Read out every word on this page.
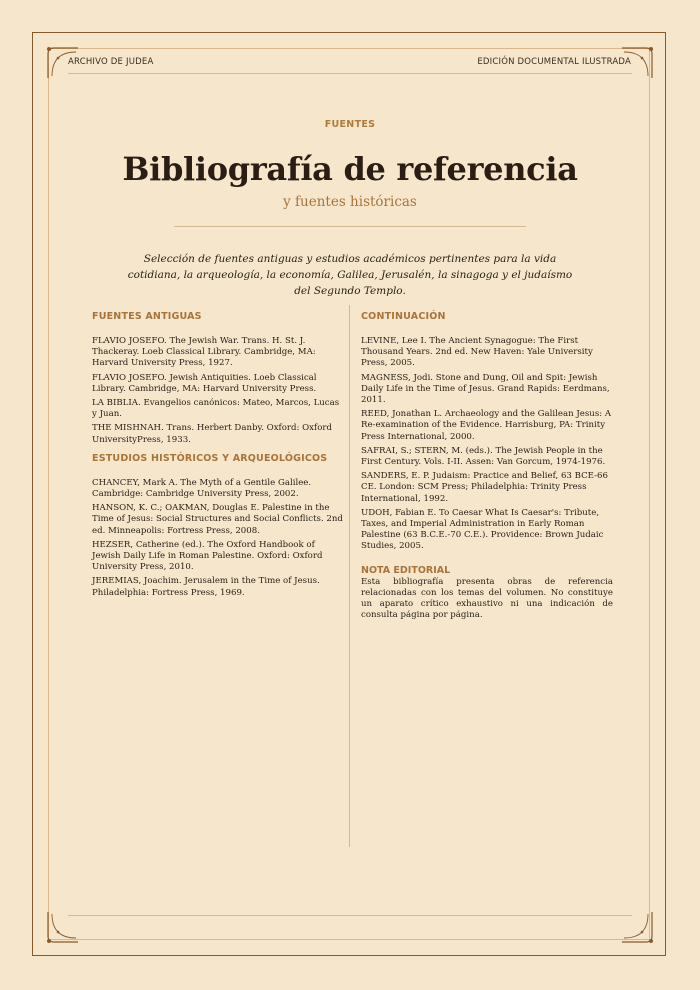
ARCHIVO DE JUDEA	EDICIÓN DOCUMENTAL ILUSTRADA
FUENTES
Bibliografía de referencia
y fuentes históricas
Selección de fuentes antiguas y estudios académicos pertinentes para la vida cotidiana, la arqueología, la economía, Galilea, Jerusalén, la sinagoga y el judaísmo del Segundo Templo.
FUENTES ANTIGUAS

FLAVIO JOSEFO. The Jewish War. Trans. H. St. J. Thackeray. Loeb Classical Library. Cambridge, MA: Harvard University Press, 1927.

FLAVIO JOSEFO. Jewish Antiquities. Loeb Classical Library. Cambridge, MA: Harvard University Press.

LA BIBLIA. Evangelios canónicos: Mateo, Marcos, Lucas y Juan.

THE MISHNAH. Trans. Herbert Danby. Oxford: Oxford UniversityPress, 1933.

ESTUDIOS HISTÓRICOS Y ARQUEOLÓGICOS

CHANCEY, Mark A. The Myth of a Gentile Galilee. Cambridge: Cambridge University Press, 2002.

HANSON, K. C.; OAKMAN, Douglas E. Palestine in the Time of Jesus: Social Structures and Social Conflicts. 2nd ed. Minneapolis: Fortress Press, 2008.

HEZSER, Catherine (ed.). The Oxford Handbook of Jewish Daily Life in Roman Palestine. Oxford: Oxford University Press, 2010.

JEREMIAS, Joachim. Jerusalem in the Time of Jesus. Philadelphia: Fortress Press, 1969.

CONTINUACIÓN

LEVINE, Lee I. The Ancient Synagogue: The First Thousand Years. 2nd ed. New Haven: Yale University Press, 2005.

MAGNESS, Jodi. Stone and Dung, Oil and Spit: Jewish Daily Life in the Time of Jesus. Grand Rapids: Eerdmans, 2011.

REED, Jonathan L. Archaeology and the Galilean Jesus: A Re-examination of the Evidence. Harrisburg, PA: Trinity Press International, 2000.

SAFRAI, S.; STERN, M. (eds.). The Jewish People in the First Century. Vols. I-II. Assen: Van Gorcum, 1974-1976.

SANDERS, E. P. Judaism: Practice and Belief, 63 BCE-66 CE. London: SCM Press; Philadelphia: Trinity Press International, 1992.

UDOH, Fabian E. To Caesar What Is Caesar's: Tribute, Taxes, and Imperial Administration in Early Roman Palestine (63 B.C.E.-70 C.E.). Providence: Brown Judaic Studies, 2005.

NOTA EDITORIAL

Esta bibliografía presenta obras de referencia relacionadas con los temas del volumen. No constituye un aparato crítico exhaustivo ni una indicación de consulta página por página.
